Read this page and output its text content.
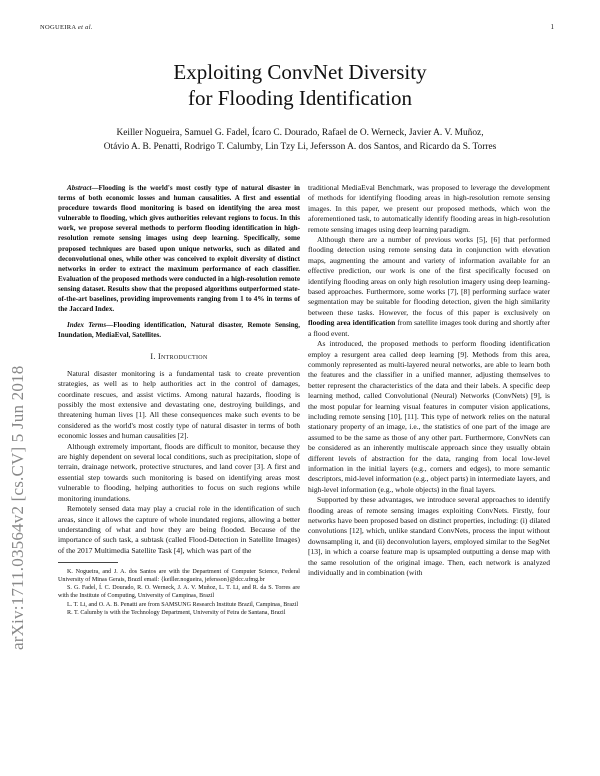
NOGUEIRA et al.	1
arXiv:1711.03564v2 [cs.CV] 5 Jun 2018
Exploiting ConvNet Diversity
for Flooding Identification
Keiller Nogueira, Samuel G. Fadel, Ícaro C. Dourado, Rafael de O. Werneck, Javier A. V. Muñoz,
Otávio A. B. Penatti, Rodrigo T. Calumby, Lin Tzy Li, Jefersson A. dos Santos, and Ricardo da S. Torres

Abstract—Flooding is the world's most costly type of natural disaster in terms of both economic losses and human causalities. A first and essential procedure towards flood monitoring is based on identifying the area most vulnerable to flooding, which gives authorities relevant regions to focus. In this work, we propose several methods to perform flooding identification in high-resolution remote sensing images using deep learning. Specifically, some proposed techniques are based upon unique networks, such as dilated and deconvolutional ones, while other was conceived to exploit diversity of distinct networks in order to extract the maximum performance of each classifier. Evaluation of the proposed methods were conducted in a high-resolution remote sensing dataset. Results show that the proposed algorithms outperformed state-of-the-art baselines, providing improvements ranging from 1 to 4% in terms of the Jaccard Index.

Index Terms—Flooding identification, Natural disaster, Remote Sensing, Inundation, MediaEval, Satellites.

I. Introduction

Natural disaster monitoring is a fundamental task to create prevention strategies, as well as to help authorities act in the control of damages, coordinate rescues, and assist victims. Among natural hazards, flooding is possibly the most extensive and devastating one, destroying buildings, and threatening human lives [1]. All these consequences make such events to be considered as the world's most costly type of natural disaster in terms of both economic losses and human causalities [2].

Although extremely important, floods are difficult to monitor, because they are highly dependent on several local conditions, such as precipitation, slope of terrain, drainage network, protective structures, and land cover [3]. A first and essential step towards such monitoring is based on identifying areas most vulnerable to flooding, helping authorities to focus on such regions while monitoring inundations.

Remotely sensed data may play a crucial role in the identification of such areas, since it allows the capture of whole inundated regions, allowing a better understanding of what and how they are being flooded. Because of the importance of such task, a subtask (called Flood-Detection in Satellite Images) of the 2017 Multimedia Satellite Task [4], which was part of the

K. Nogueira, and J. A. dos Santos are with the Department of Computer Science, Federal University of Minas Gerais, Brazil email: {keiller.nogueira, jefersson}@dcc.ufmg.br

S. G. Fadel, Í. C. Dourado, R. O. Werneck, J. A. V. Muñoz, L. T. Li, and R. da S. Torres are with the Institute of Computing, University of Campinas, Brazil

L. T. Li, and O. A. B. Penatti are from SAMSUNG Research Institute Brazil, Campinas, Brazil

R. T. Calumby is with the Technology Department, University of Feira de Santana, Brazil

traditional MediaEval Benchmark, was proposed to leverage the development of methods for identifying flooding areas in high-resolution remote sensing images. In this paper, we present our proposed methods, which won the aforementioned task, to automatically identify flooding areas in high-resolution remote sensing images using deep learning paradigm.

Although there are a number of previous works [5], [6] that performed flooding detection using remote sensing data in conjunction with elevation maps, augmenting the amount and variety of information available for an effective prediction, our work is one of the first specifically focused on identifying flooding areas on only high resolution imagery using deep learning-based approaches. Furthermore, some works [7], [8] performing surface water segmentation may be suitable for flooding detection, given the high similarity between these tasks. However, the focus of this paper is exclusively on flooding area identification from satellite images took during and shortly after a flood event.

As introduced, the proposed methods to perform flooding identification employ a resurgent area called deep learning [9]. Methods from this area, commonly represented as multi-layered neural networks, are able to learn both the features and the classifier in a unified manner, adjusting themselves to better represent the characteristics of the data and their labels. A specific deep learning method, called Convolutional (Neural) Networks (ConvNets) [9], is the most popular for learning visual features in computer vision applications, including remote sensing [10], [11]. This type of network relies on the natural stationary property of an image, i.e., the statistics of one part of the image are assumed to be the same as those of any other part. Furthermore, ConvNets can be considered as an inherently multiscale approach since they usually obtain different levels of abstraction for the data, ranging from local low-level information in the initial layers (e.g., corners and edges), to more semantic descriptors, mid-level information (e.g., object parts) in intermediate layers, and high-level information (e.g., whole objects) in the final layers.

Supported by these advantages, we introduce several approaches to identify flooding areas of remote sensing images exploiting ConvNets. Firstly, four networks have been proposed based on distinct properties, including: (i) dilated convolutions [12], which, unlike standard ConvNets, process the input without downsampling it, and (ii) deconvolution layers, employed similar to the SegNet [13], in which a coarse feature map is upsampled outputting a dense map with the same resolution of the original image. Then, each network is analyzed individually and in combination (with
